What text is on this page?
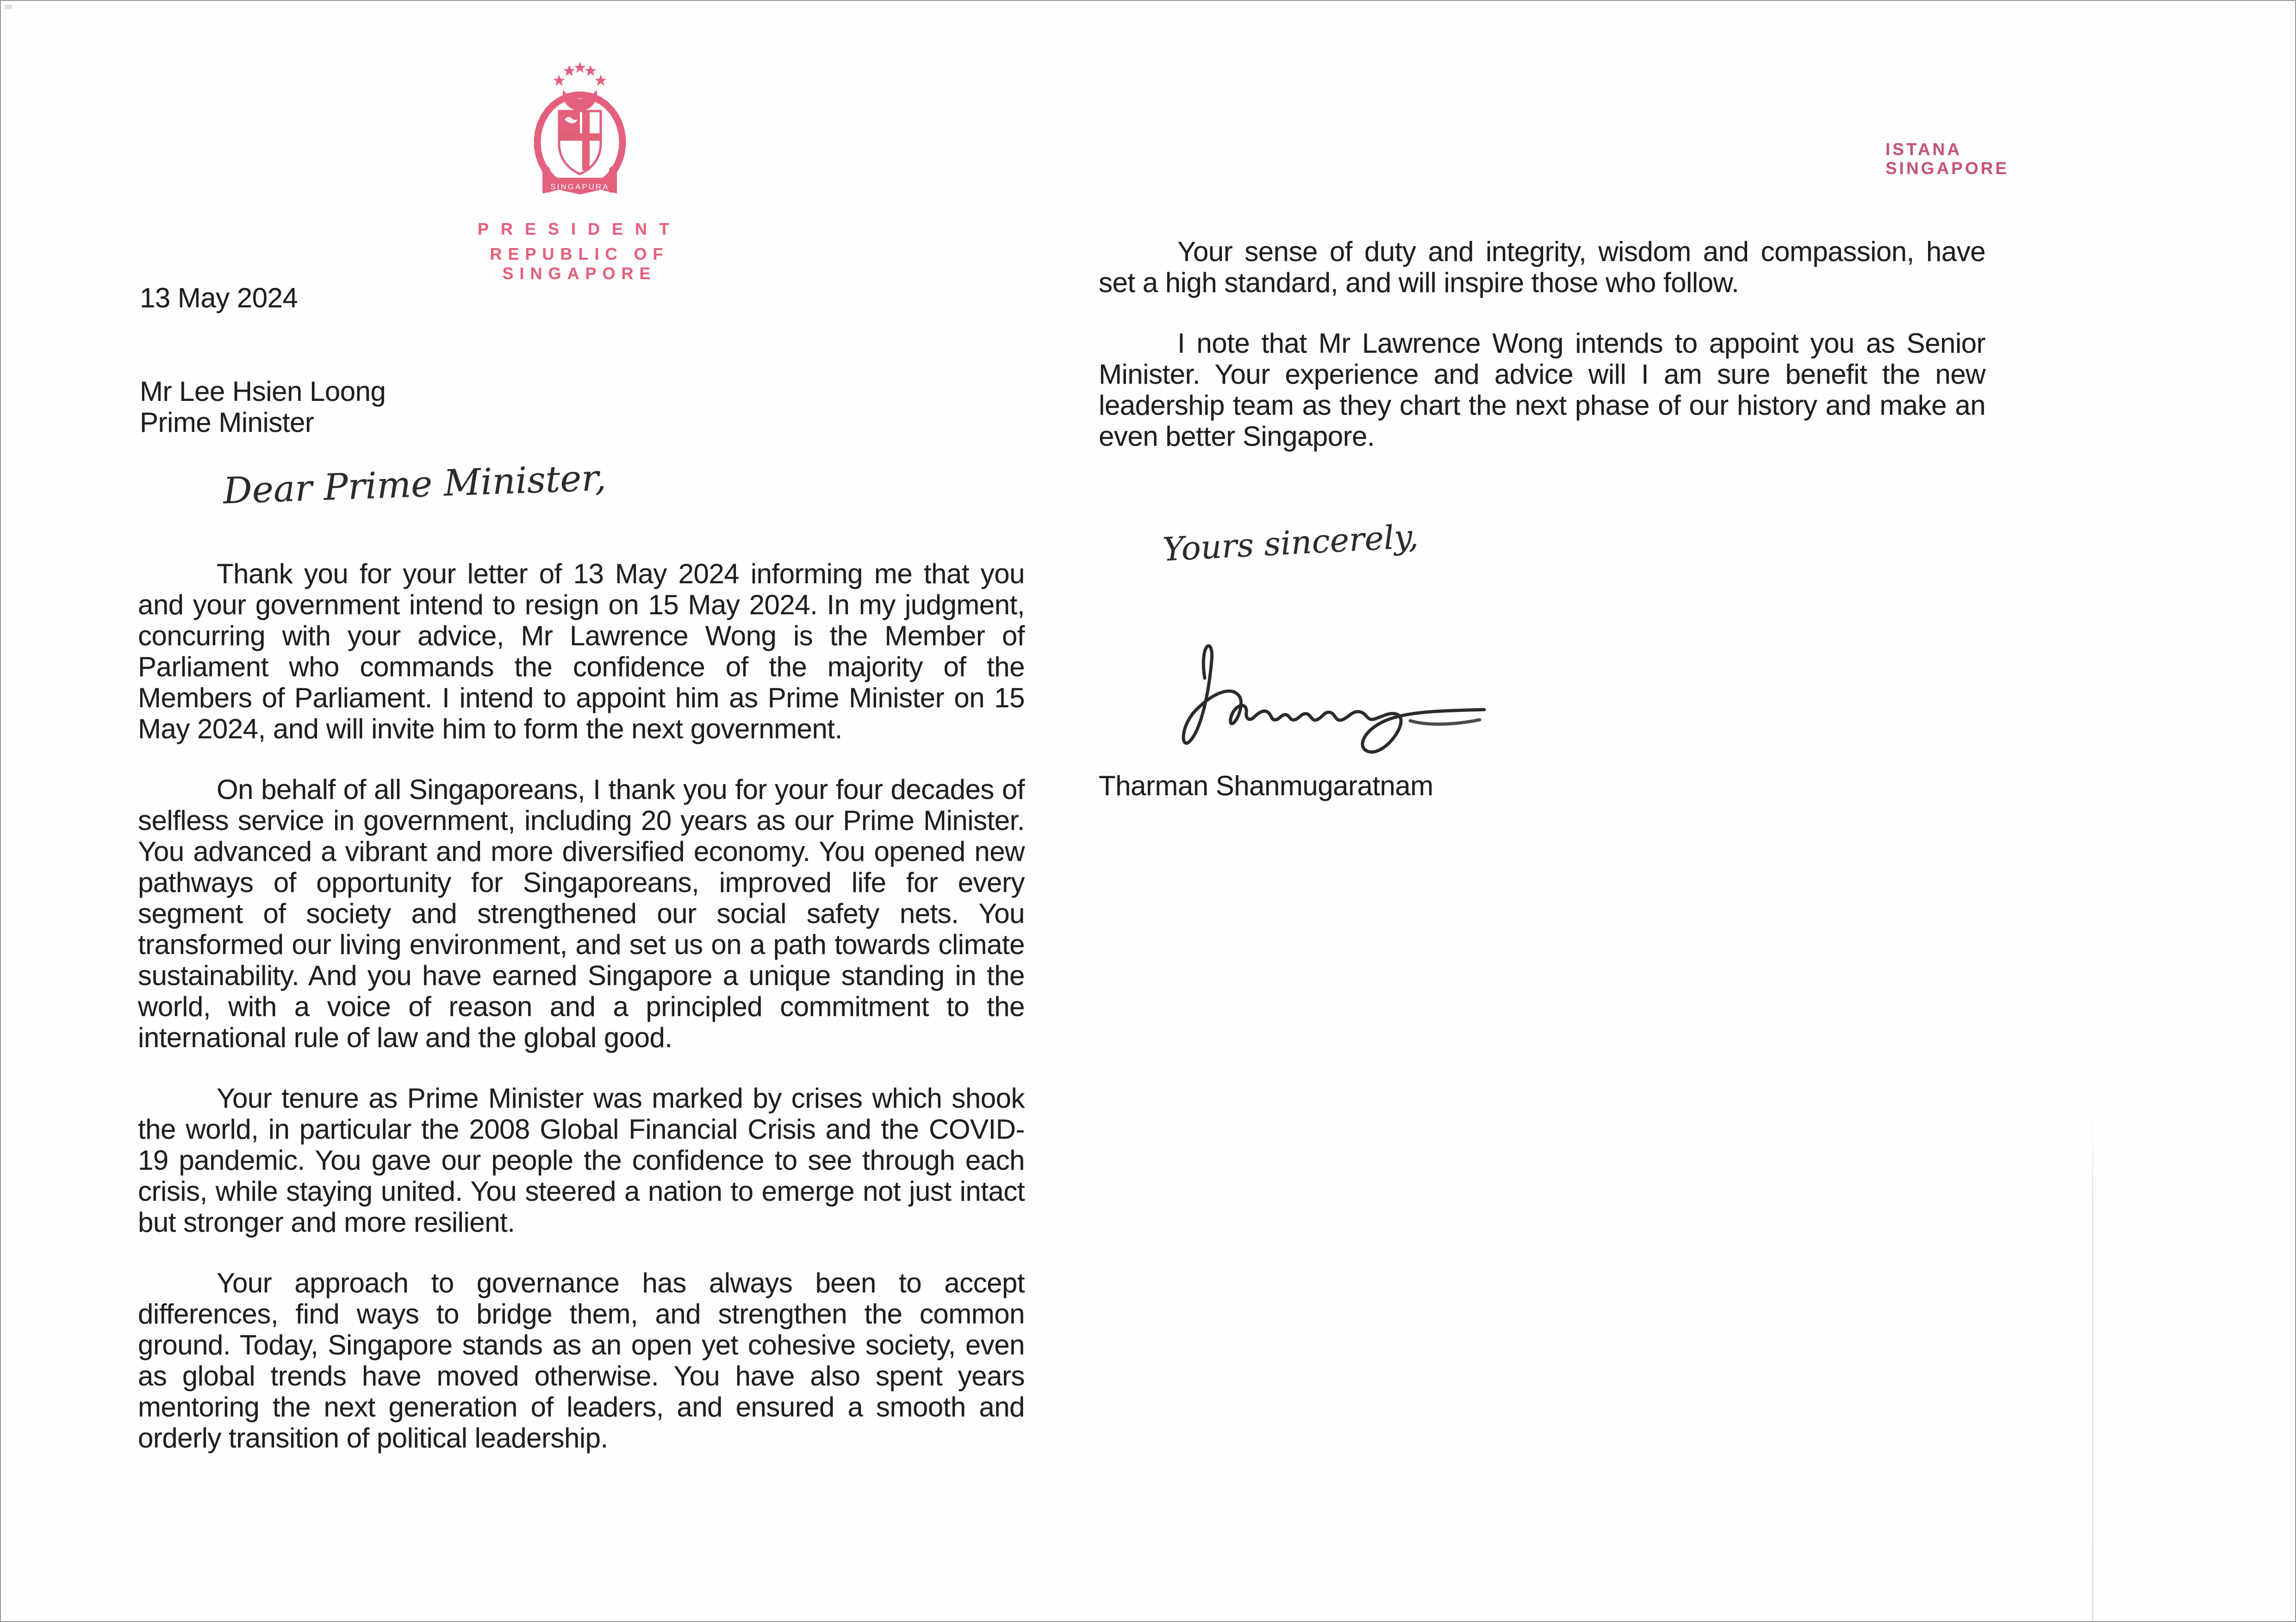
SINGAPURA
PRESIDENT
REPUBLIC OF SINGAPORE
ISTANA
SINGAPORE
13 May 2024
Mr Lee Hsien Loong
Prime Minister
Dear Prime Minister,

Thank you for your letter of 13 May 2024 informing me that you and your government intend to resign on 15 May 2024. In my judgment, concurring with your advice, Mr Lawrence Wong is the Member of Parliament who commands the confidence of the majority of the Members of Parliament. I intend to appoint him as Prime Minister on 15 May 2024, and will invite him to form the next government.

On behalf of all Singaporeans, I thank you for your four decades of selfless service in government, including 20 years as our Prime Minister. You advanced a vibrant and more diversified economy. You opened new pathways of opportunity for Singaporeans, improved life for every segment of society and strengthened our social safety nets. You transformed our living environment, and set us on a path towards climate sustainability. And you have earned Singapore a unique standing in the world, with a voice of reason and a principled commitment to the international rule of law and the global good.

Your tenure as Prime Minister was marked by crises which shook the world, in particular the 2008 Global Financial Crisis and the COVID-19 pandemic. You gave our people the confidence to see through each crisis, while staying united. You steered a nation to emerge not just intact but stronger and more resilient.

Your approach to governance has always been to accept differences, find ways to bridge them, and strengthen the common ground. Today, Singapore stands as an open yet cohesive society, even as global trends have moved otherwise. You have also spent years mentoring the next generation of leaders, and ensured a smooth and orderly transition of political leadership.

Your sense of duty and integrity, wisdom and compassion, have set a high standard, and will inspire those who follow.

I note that Mr Lawrence Wong intends to appoint you as Senior Minister. Your experience and advice will I am sure benefit the new leadership team as they chart the next phase of our history and make an even better Singapore.

Yours sincerely,
Tharman Shanmugaratnam
